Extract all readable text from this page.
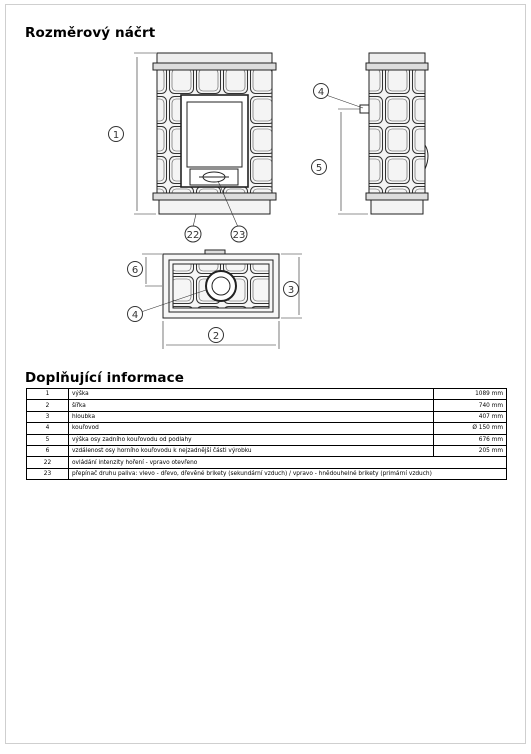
Rozměrový náčrt
1
22	23
4
5
6
4
3
2
Doplňující informace
1	výška	1089 mm
2	šířka	740 mm
3	hloubka	407 mm
4	kouřovod	Ø 150 mm
5	výška osy zadního kouřovodu od podlahy	676 mm
6	vzdálenost osy horního kouřovodu k nejzadnější části výrobku	205 mm
22	ovládání intenzity hoření - vpravo otevřeno	
23	přepínač druhu paliva: vlevo - dřevo, dřevěné brikety (sekundární vzduch) / vpravo - hnědouhelné brikety (primární vzduch)	
